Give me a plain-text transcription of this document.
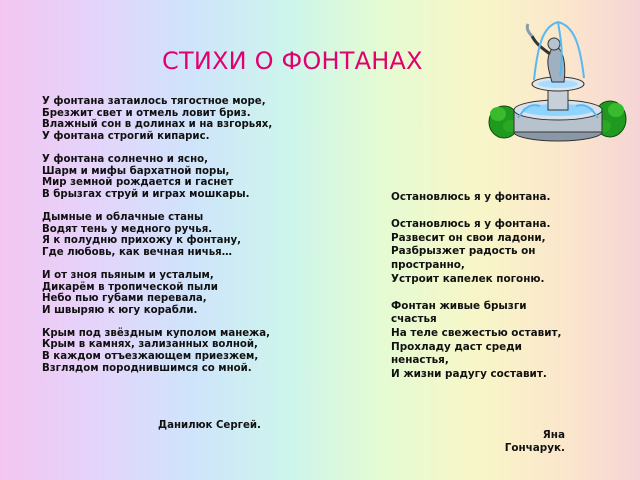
СТИХИ О ФОНТАНАХ
У фонтана затаилось тягостное море,
Брезжит свет и отмель ловит бриз.
Влажный сон в долинах и на взгорьях,
У фонтана строгий кипарис.
У фонтана солнечно и ясно,
Шарм и мифы бархатной поры,
Мир земной рождается и гаснет
В брызгах струй и играх мошкары.
Дымные и облачные станы
Водят тень у медного ручья.
Я к полудню прихожу к фонтану,
Где любовь, как вечная ничья…
И от зноя пьяным и усталым,
Дикарём в тропической пыли
Небо пью губами перевала,
И швыряю к югу корабли.
Крым под звёздным куполом манежа,
Крым в камнях, зализанных волной,
В каждом отъезжающем приезжем,
Взглядом породнившимся со мной.
Данилюк Сергей.
Остановлюсь я у фонтана.
Остановлюсь я у фонтана.
Развесит он свои ладони,
Разбрызжет радость он пространно,
Устроит капелек погоню.
Фонтан живые брызги счастья
На теле свежестью оставит,
Прохладу даст среди ненастья,
И жизни радугу составит.
Яна
Гончарук.
